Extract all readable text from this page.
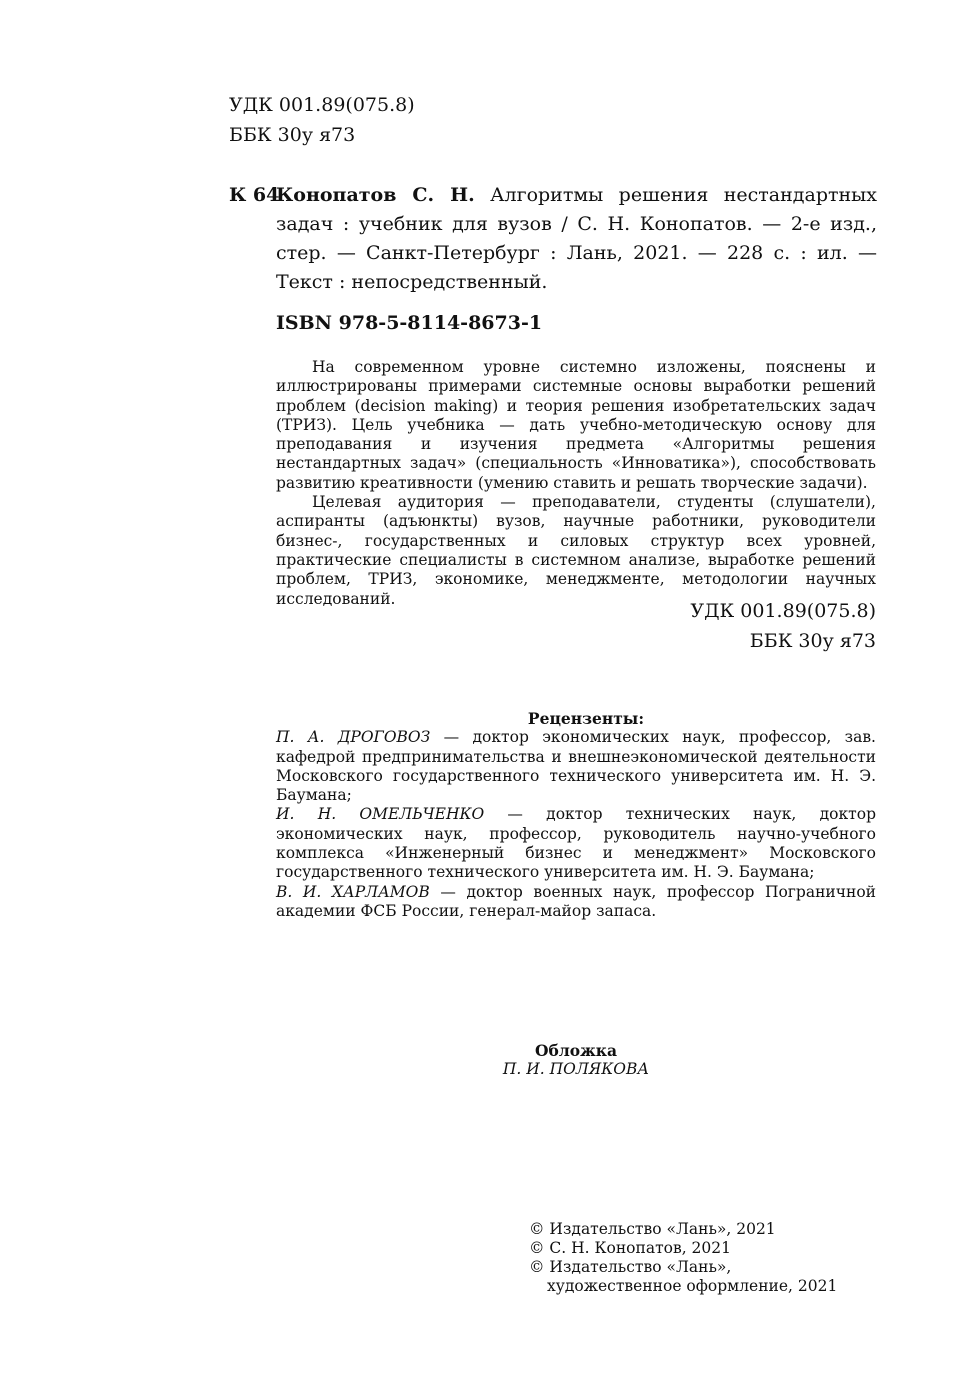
УДК 001.89(075.8)
ББК 30у я73
К 64
Конопатов С. Н. Алгоритмы решения нестандартных задач : учебник для вузов / С. Н. Конопатов. — 2-е изд., стер. — Санкт-Петербург : Лань, 2021. — 228 с. : ил. — Текст : непосредственный.
ISBN 978-5-8114-8673-1

На современном уровне системно изложены, пояснены и иллюстрированы примерами системные основы выработки решений проблем (decision making) и теория решения изобретательских задач (ТРИЗ). Цель учебника — дать учебно-методическую основу для преподавания и изучения предмета «Алгоритмы решения нестандартных задач» (специальность «Инноватика»), способствовать развитию креативности (умению ставить и решать творческие задачи).

Целевая аудитория — преподаватели, студенты (слушатели), аспиранты (адъюнкты) вузов, научные работники, руководители бизнес-, государственных и силовых структур всех уровней, практические специалисты в системном анализе, выработке решений проблем, ТРИЗ, экономике, менеджменте, методологии научных исследований.

УДК 001.89(075.8)
ББК 30у я73
Рецензенты:

П. А. ДРОГОВОЗ — доктор экономических наук, профессор, зав. кафедрой предпринимательства и внешнеэкономической деятельности Московского государственного технического университета им. Н. Э. Баумана;

И. Н. ОМЕЛЬЧЕНКО — доктор технических наук, доктор экономических наук, профессор, руководитель научно-учебного комплекса «Инженерный бизнес и менеджмент» Московского государственного технического университета им. Н. Э. Баумана;

В. И. ХАРЛАМОВ — доктор военных наук, профессор Пограничной академии ФСБ России, генерал-майор запаса.

Обложка
П. И. ПОЛЯКОВА
© Издательство «Лань», 2021
© С. Н. Конопатов, 2021
© Издательство «Лань»,
художественное оформление, 2021
